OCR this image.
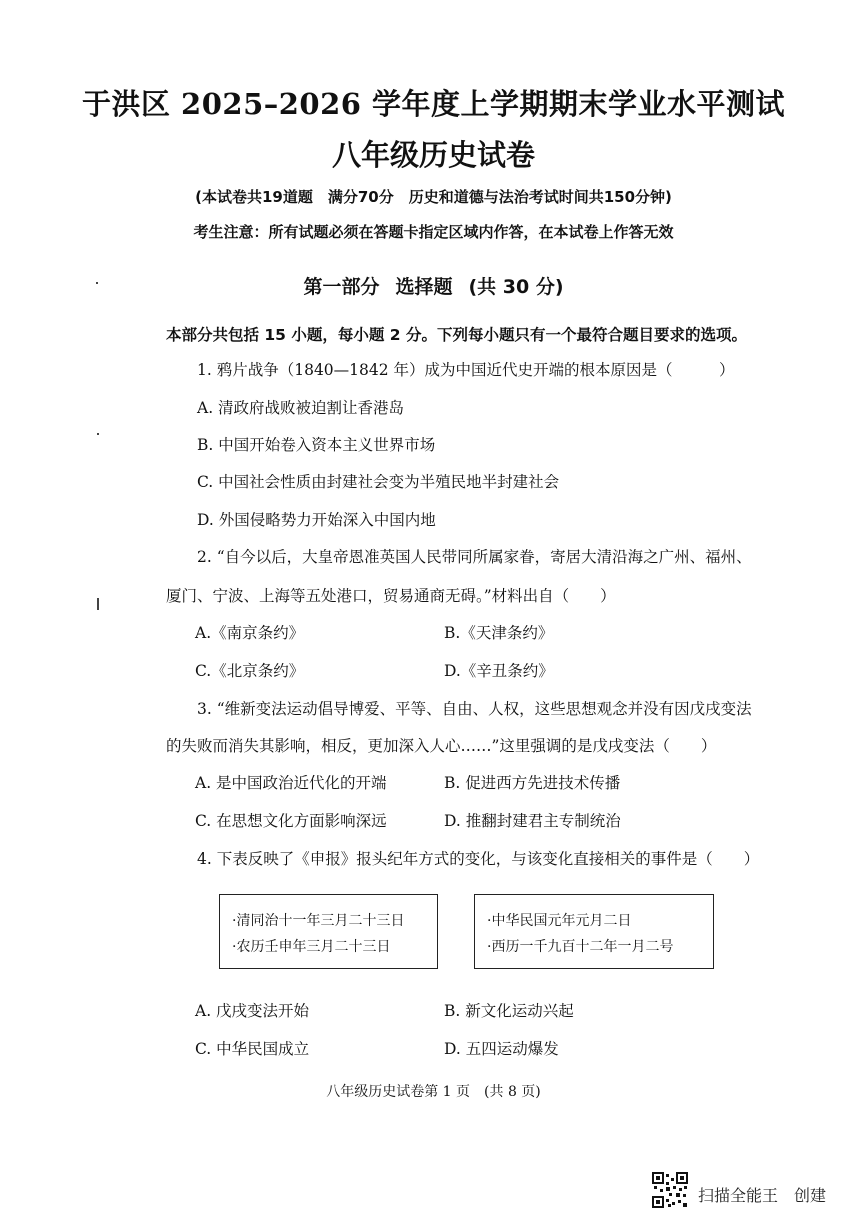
于洪区 2025–2026 学年度上学期期末学业水平测试
八年级历史试卷
(本试卷共19道题　满分70分　历史和道德与法治考试时间共150分钟)
考生注意：所有试题必须在答题卡指定区域内作答，在本试卷上作答无效
第一部分 选择题 (共 30 分)
本部分共包括 15 小题，每小题 2 分。下列每小题只有一个最符合题目要求的选项。
1. 鸦片战争（1840—1842 年）成为中国近代史开端的根本原因是（　　　）
A. 清政府战败被迫割让香港岛
B. 中国开始卷入资本主义世界市场
C. 中国社会性质由封建社会变为半殖民地半封建社会
D. 外国侵略势力开始深入中国内地
2. “自今以后，大皇帝恩准英国人民带同所属家眷，寄居大清沿海之广州、福州、
厦门、宁波、上海等五处港口，贸易通商无碍。”材料出自（　　）
A.《南京条约》	B.《天津条约》
C.《北京条约》	D.《辛丑条约》
3. “维新变法运动倡导博爱、平等、自由、人权，这些思想观念并没有因戊戌变法
的失败而消失其影响，相反，更加深入人心……”这里强调的是戊戌变法（　　）
A. 是中国政治近代化的开端	B. 促进西方先进技术传播
C. 在思想文化方面影响深远	D. 推翻封建君主专制统治
4. 下表反映了《申报》报头纪年方式的变化，与该变化直接相关的事件是（　　）
·清同治十一年三月二十三日
·农历壬申年三月二十三日
·中华民国元年元月二日
·西历一千九百十二年一月二号
A. 戊戌变法开始	B. 新文化运动兴起
C. 中华民国成立	D. 五四运动爆发
八年级历史试卷第 1 页　(共 8 页)
扫描全能王　创建
